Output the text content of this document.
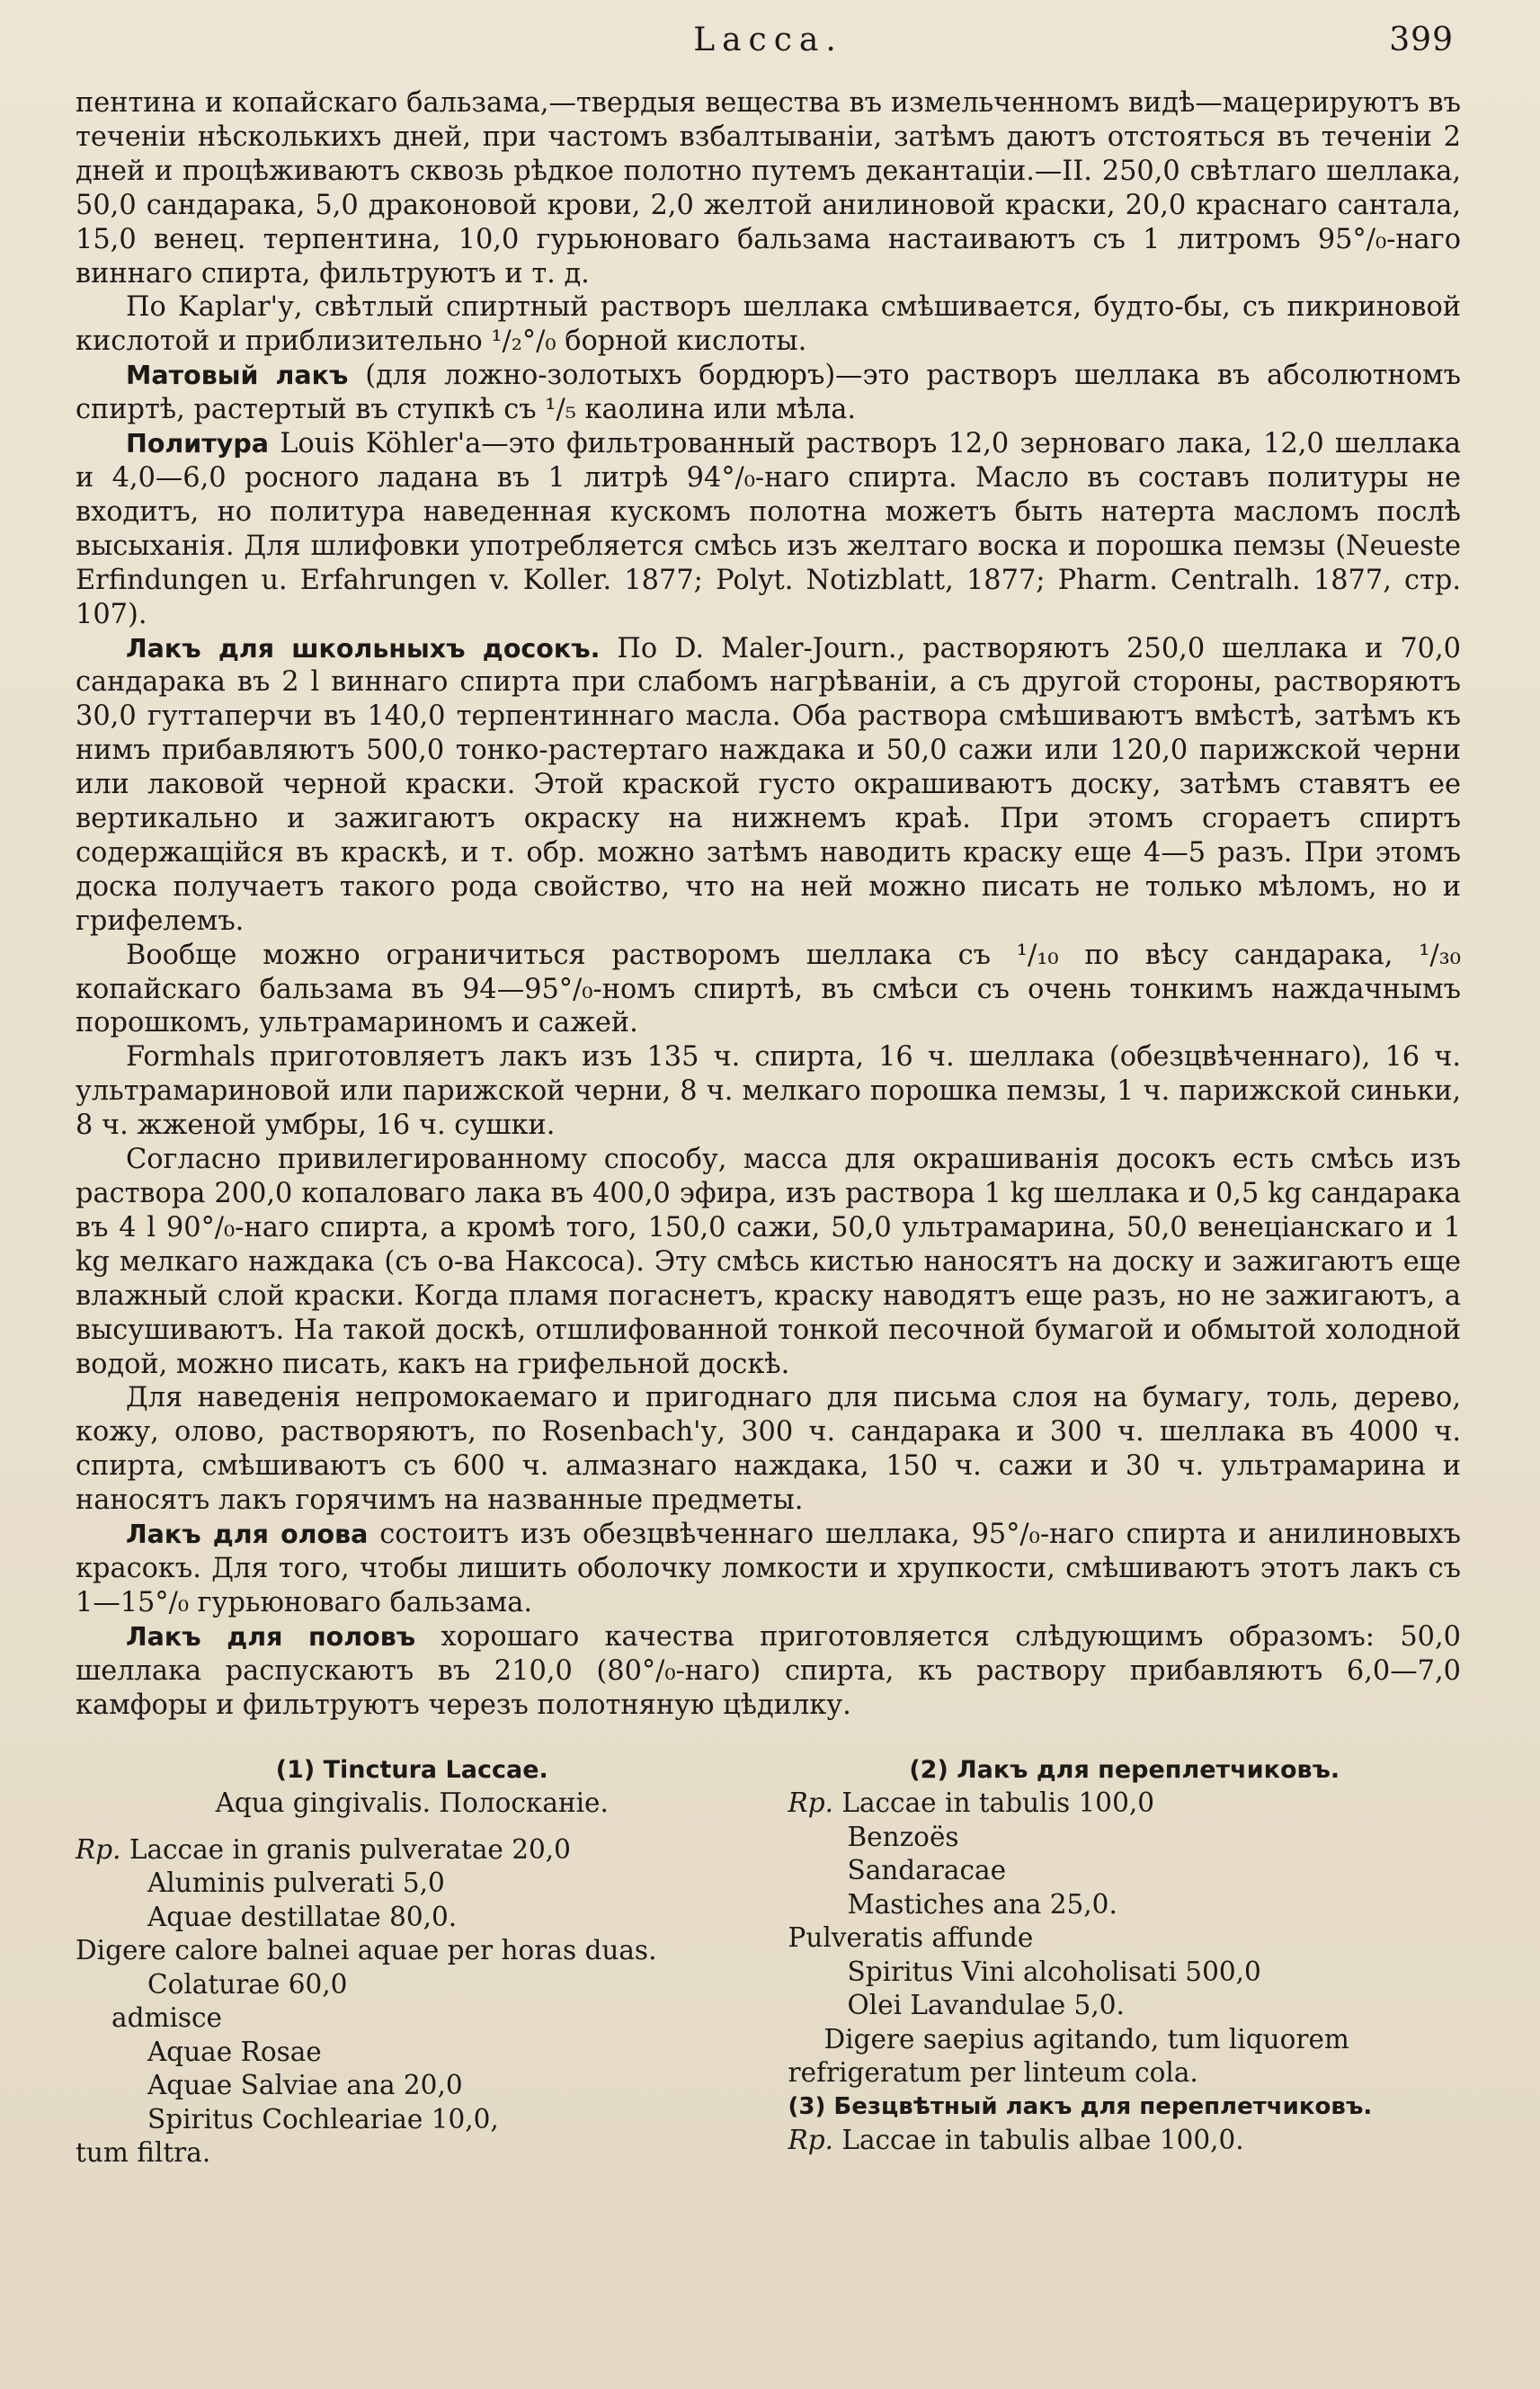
Lacca.	399

пентина и копайскаго бальзама,—твердыя вещества въ измельченномъ видѣ—мацерируютъ въ теченіи нѣсколькихъ дней, при частомъ взбалтываніи, затѣмъ даютъ отстояться въ теченіи 2 дней и процѣживаютъ сквозь рѣдкое полотно путемъ декантаціи.—II. 250,0 свѣтлаго шеллака, 50,0 сандарака, 5,0 драконовой крови, 2,0 желтой анилиновой краски, 20,0 краснаго сантала, 15,0 венец. терпентина, 10,0 гурьюноваго бальзама настаиваютъ съ 1 литромъ 95°/₀-наго виннаго спирта, фильтруютъ и т. д.

По Kaplar'у, свѣтлый спиртный растворъ шеллака смѣшивается, будто-бы, съ пикриновой кислотой и приблизительно ¹/₂°/₀ борной кислоты.

Матовый лакъ (для ложно-золотыхъ бордюръ)—это растворъ шеллака въ абсолютномъ спиртѣ, растертый въ ступкѣ съ ¹/₅ каолина или мѣла.

Политура Louis Köhler'а—это фильтрованный растворъ 12,0 зерноваго лака, 12,0 шеллака и 4,0—6,0 росного ладана въ 1 литрѣ 94°/₀-наго спирта. Масло въ составъ политуры не входитъ, но политура наведенная кускомъ полотна можетъ быть натерта масломъ послѣ высыханія. Для шлифовки употребляется смѣсь изъ желтаго воска и порошка пемзы (Neueste Erfindungen u. Erfahrungen v. Koller. 1877; Polyt. Notizblatt, 1877; Pharm. Centralh. 1877, стр. 107).

Лакъ для школьныхъ досокъ. По D. Maler-Journ., растворяютъ 250,0 шеллака и 70,0 сандарака въ 2 l виннаго спирта при слабомъ нагрѣваніи, а съ другой стороны, растворяютъ 30,0 гуттаперчи въ 140,0 терпентиннаго масла. Оба раствора смѣшиваютъ вмѣстѣ, затѣмъ къ нимъ прибавляютъ 500,0 тонко-растертаго наждака и 50,0 сажи или 120,0 парижской черни или лаковой черной краски. Этой краской густо окрашиваютъ доску, затѣмъ ставятъ ее вертикально и зажигаютъ окраску на нижнемъ краѣ. При этомъ сгораетъ спиртъ содержащійся въ краскѣ, и т. обр. можно затѣмъ наводить краску еще 4—5 разъ. При этомъ доска получаетъ такого рода свойство, что на ней можно писать не только мѣломъ, но и грифелемъ.

Вообще можно ограничиться растворомъ шеллака съ ¹/₁₀ по вѣсу сандарака, ¹/₃₀ копайскаго бальзама въ 94—95°/₀-номъ спиртѣ, въ смѣси съ очень тонкимъ наждачнымъ порошкомъ, ультрамариномъ и сажей.

Formhals приготовляетъ лакъ изъ 135 ч. спирта, 16 ч. шеллака (обезцвѣченнаго), 16 ч. ультрамариновой или парижской черни, 8 ч. мелкаго порошка пемзы, 1 ч. парижской синьки, 8 ч. жженой умбры, 16 ч. сушки.

Согласно привилегированному способу, масса для окрашиванія досокъ есть смѣсь изъ раствора 200,0 копаловаго лака въ 400,0 эфира, изъ раствора 1 kg шеллака и 0,5 kg сандарака въ 4 l 90°/₀-наго спирта, а кромѣ того, 150,0 сажи, 50,0 ультрамарина, 50,0 венеціанскаго и 1 kg мелкаго наждака (съ о-ва Наксоса). Эту смѣсь кистью наносятъ на доску и зажигаютъ еще влажный слой краски. Когда пламя погаснетъ, краску наводятъ еще разъ, но не зажигаютъ, а высушиваютъ. На такой доскѣ, отшлифованной тонкой песочной бумагой и обмытой холодной водой, можно писать, какъ на грифельной доскѣ.

Для наведенія непромокаемаго и пригоднаго для письма слоя на бумагу, толь, дерево, кожу, олово, растворяютъ, по Rosenbach'у, 300 ч. сандарака и 300 ч. шеллака въ 4000 ч. спирта, смѣшиваютъ съ 600 ч. алмазнаго наждака, 150 ч. сажи и 30 ч. ультрамарина и наносятъ лакъ горячимъ на названные предметы.

Лакъ для олова состоитъ изъ обезцвѣченнаго шеллака, 95°/₀-наго спирта и анилиновыхъ красокъ. Для того, чтобы лишить оболочку ломкости и хрупкости, смѣшиваютъ этотъ лакъ съ 1—15°/₀ гурьюноваго бальзама.

Лакъ для половъ хорошаго качества приготовляется слѣдующимъ образомъ: 50,0 шеллака распускаютъ въ 210,0 (80°/₀-наго) спирта, къ раствору прибавляютъ 6,0—7,0 камфоры и фильтруютъ черезъ полотняную цѣдилку.

(1) Tinctura Laccae.
Aqua gingivalis. Полосканіе.
Rp. Laccae in granis pulveratae 20,0
Aluminis pulverati 5,0
Aquae destillatae 80,0.
Digere calore balnei aquae per horas duas.
Colaturae 60,0
admisce
Aquae Rosae
Aquae Salviae ana 20,0
Spiritus Cochleariae 10,0,
tum filtra.
(2) Лакъ для переплетчиковъ.
Rp. Laccae in tabulis 100,0
Benzoës
Sandaracae
Mastiches ana 25,0.
Pulveratis affunde
Spiritus Vini alcoholisati 500,0
Olei Lavandulae 5,0.
Digere saepius agitando, tum liquorem
refrigeratum per linteum cola.
(3) Безцвѣтный лакъ для переплетчиковъ.
Rp. Laccae in tabulis albae 100,0.
